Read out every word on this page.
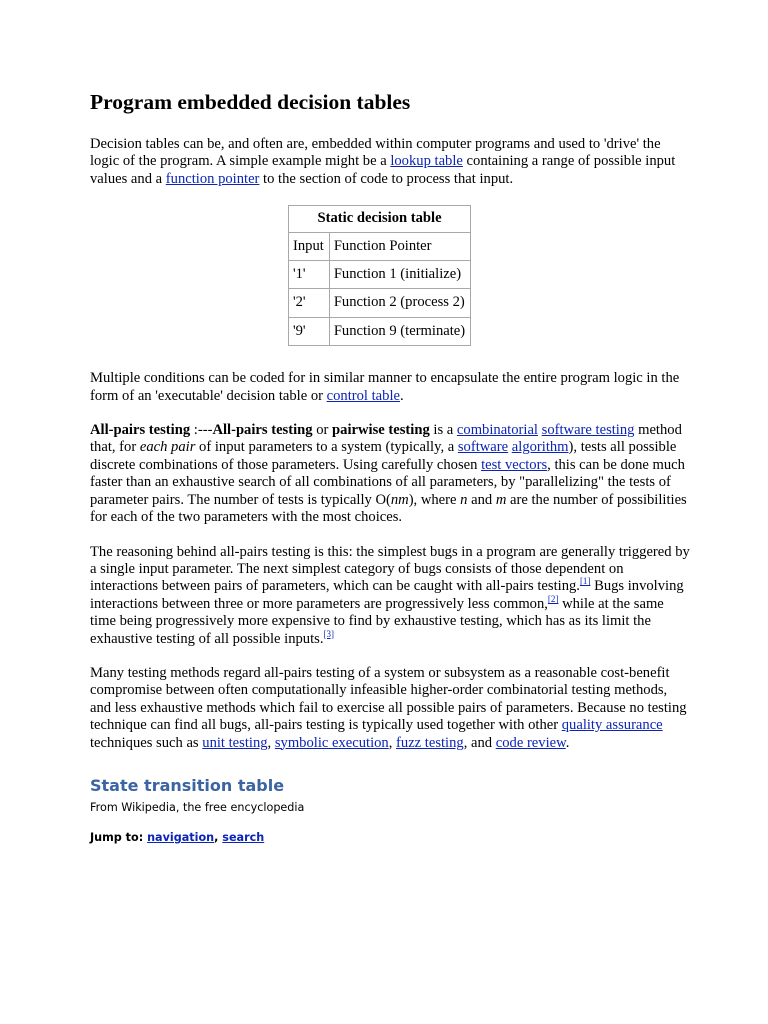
Program embedded decision tables

Decision tables can be, and often are, embedded within computer programs and used to 'drive' the logic of the program. A simple example might be a lookup table containing a range of possible input values and a function pointer to the section of code to process that input.

Static decision table
Input	Function Pointer
'1'	Function 1 (initialize)
'2'	Function 2 (process 2)
'9'	Function 9 (terminate)

Multiple conditions can be coded for in similar manner to encapsulate the entire program logic in the form of an 'executable' decision table or control table.

All-pairs testing :---All-pairs testing or pairwise testing is a combinatorial software testing method that, for each pair of input parameters to a system (typically, a software algorithm), tests all possible discrete combinations of those parameters. Using carefully chosen test vectors, this can be done much faster than an exhaustive search of all combinations of all parameters, by "parallelizing" the tests of parameter pairs. The number of tests is typically O(nm), where n and m are the number of possibilities for each of the two parameters with the most choices.

The reasoning behind all-pairs testing is this: the simplest bugs in a program are generally triggered by a single input parameter. The next simplest category of bugs consists of those dependent on interactions between pairs of parameters, which can be caught with all-pairs testing.[1] Bugs involving interactions between three or more parameters are progressively less common,[2] while at the same time being progressively more expensive to find by exhaustive testing, which has as its limit the exhaustive testing of all possible inputs.[3]

Many testing methods regard all-pairs testing of a system or subsystem as a reasonable cost-benefit compromise between often computationally infeasible higher-order combinatorial testing methods, and less exhaustive methods which fail to exercise all possible pairs of parameters. Because no testing technique can find all bugs, all-pairs testing is typically used together with other quality assurance techniques such as unit testing, symbolic execution, fuzz testing, and code review.

State transition table
From Wikipedia, the free encyclopedia
Jump to: navigation, search
